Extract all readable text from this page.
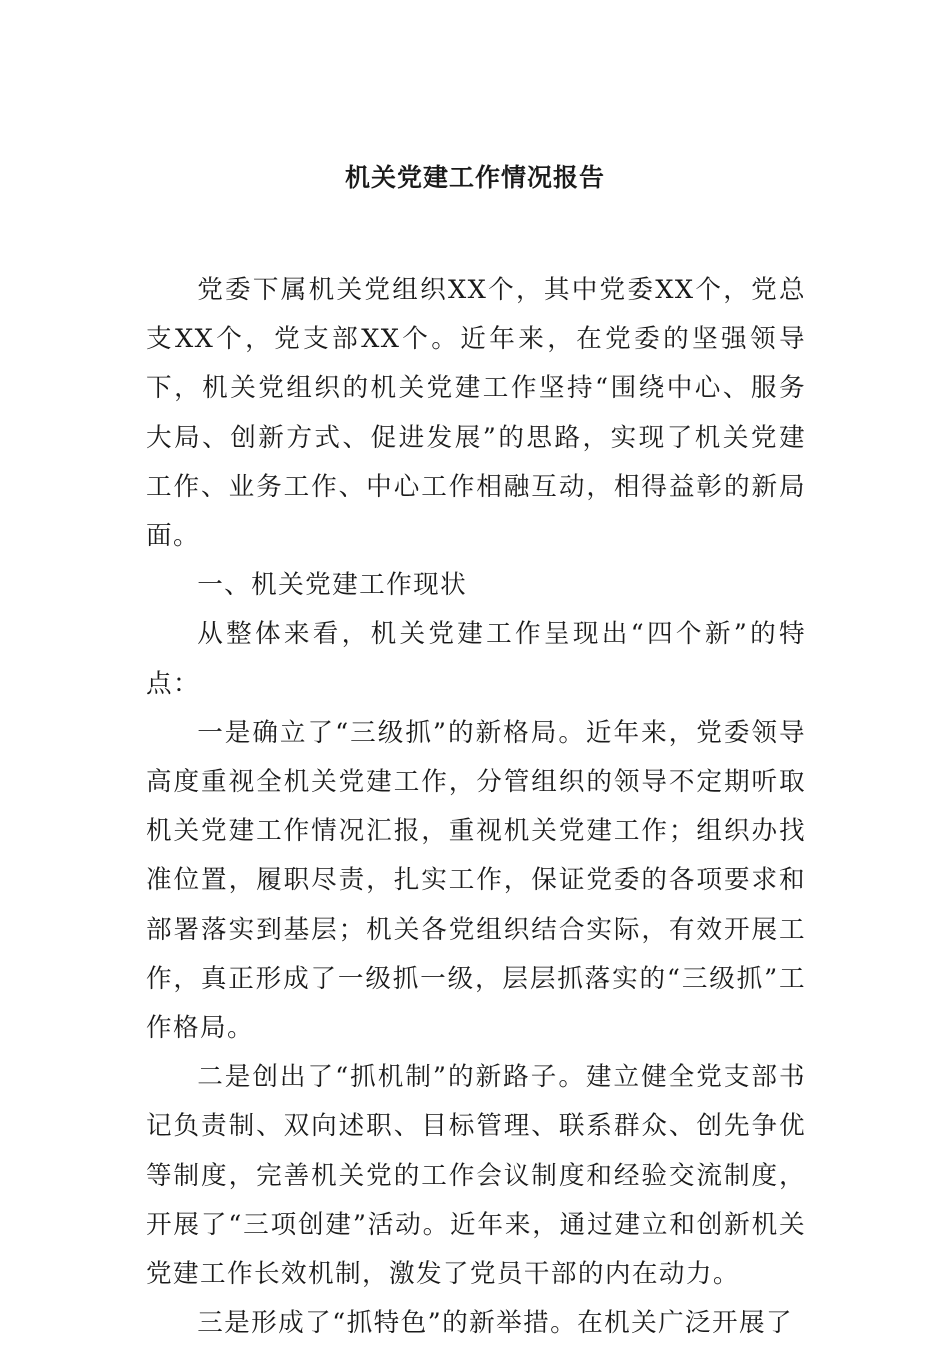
机关党建工作情况报告

党委下属机关党组织XX个，其中党委XX个，党总支XX个，党支部XX个。近年来，在党委的坚强领导下，机关党组织的机关党建工作坚持“围绕中心、服务大局、创新方式、促进发展”的思路，实现了机关党建工作、业务工作、中心工作相融互动，相得益彰的新局面。

一、机关党建工作现状

从整体来看，机关党建工作呈现出“四个新”的特点：

一是确立了“三级抓”的新格局。近年来，党委领导高度重视全机关党建工作，分管组织的领导不定期听取机关党建工作情况汇报，重视机关党建工作；组织办找准位置，履职尽责，扎实工作，保证党委的各项要求和部署落实到基层；机关各党组织结合实际，有效开展工作，真正形成了一级抓一级，层层抓落实的“三级抓”工作格局。

二是创出了“抓机制”的新路子。建立健全党支部书记负责制、双向述职、目标管理、联系群众、创先争优等制度，完善机关党的工作会议制度和经验交流制度，开展了“三项创建”活动。近年来，通过建立和创新机关党建工作长效机制，激发了党员干部的内在动力。

三是形成了“抓特色”的新举措。在机关广泛开展了
